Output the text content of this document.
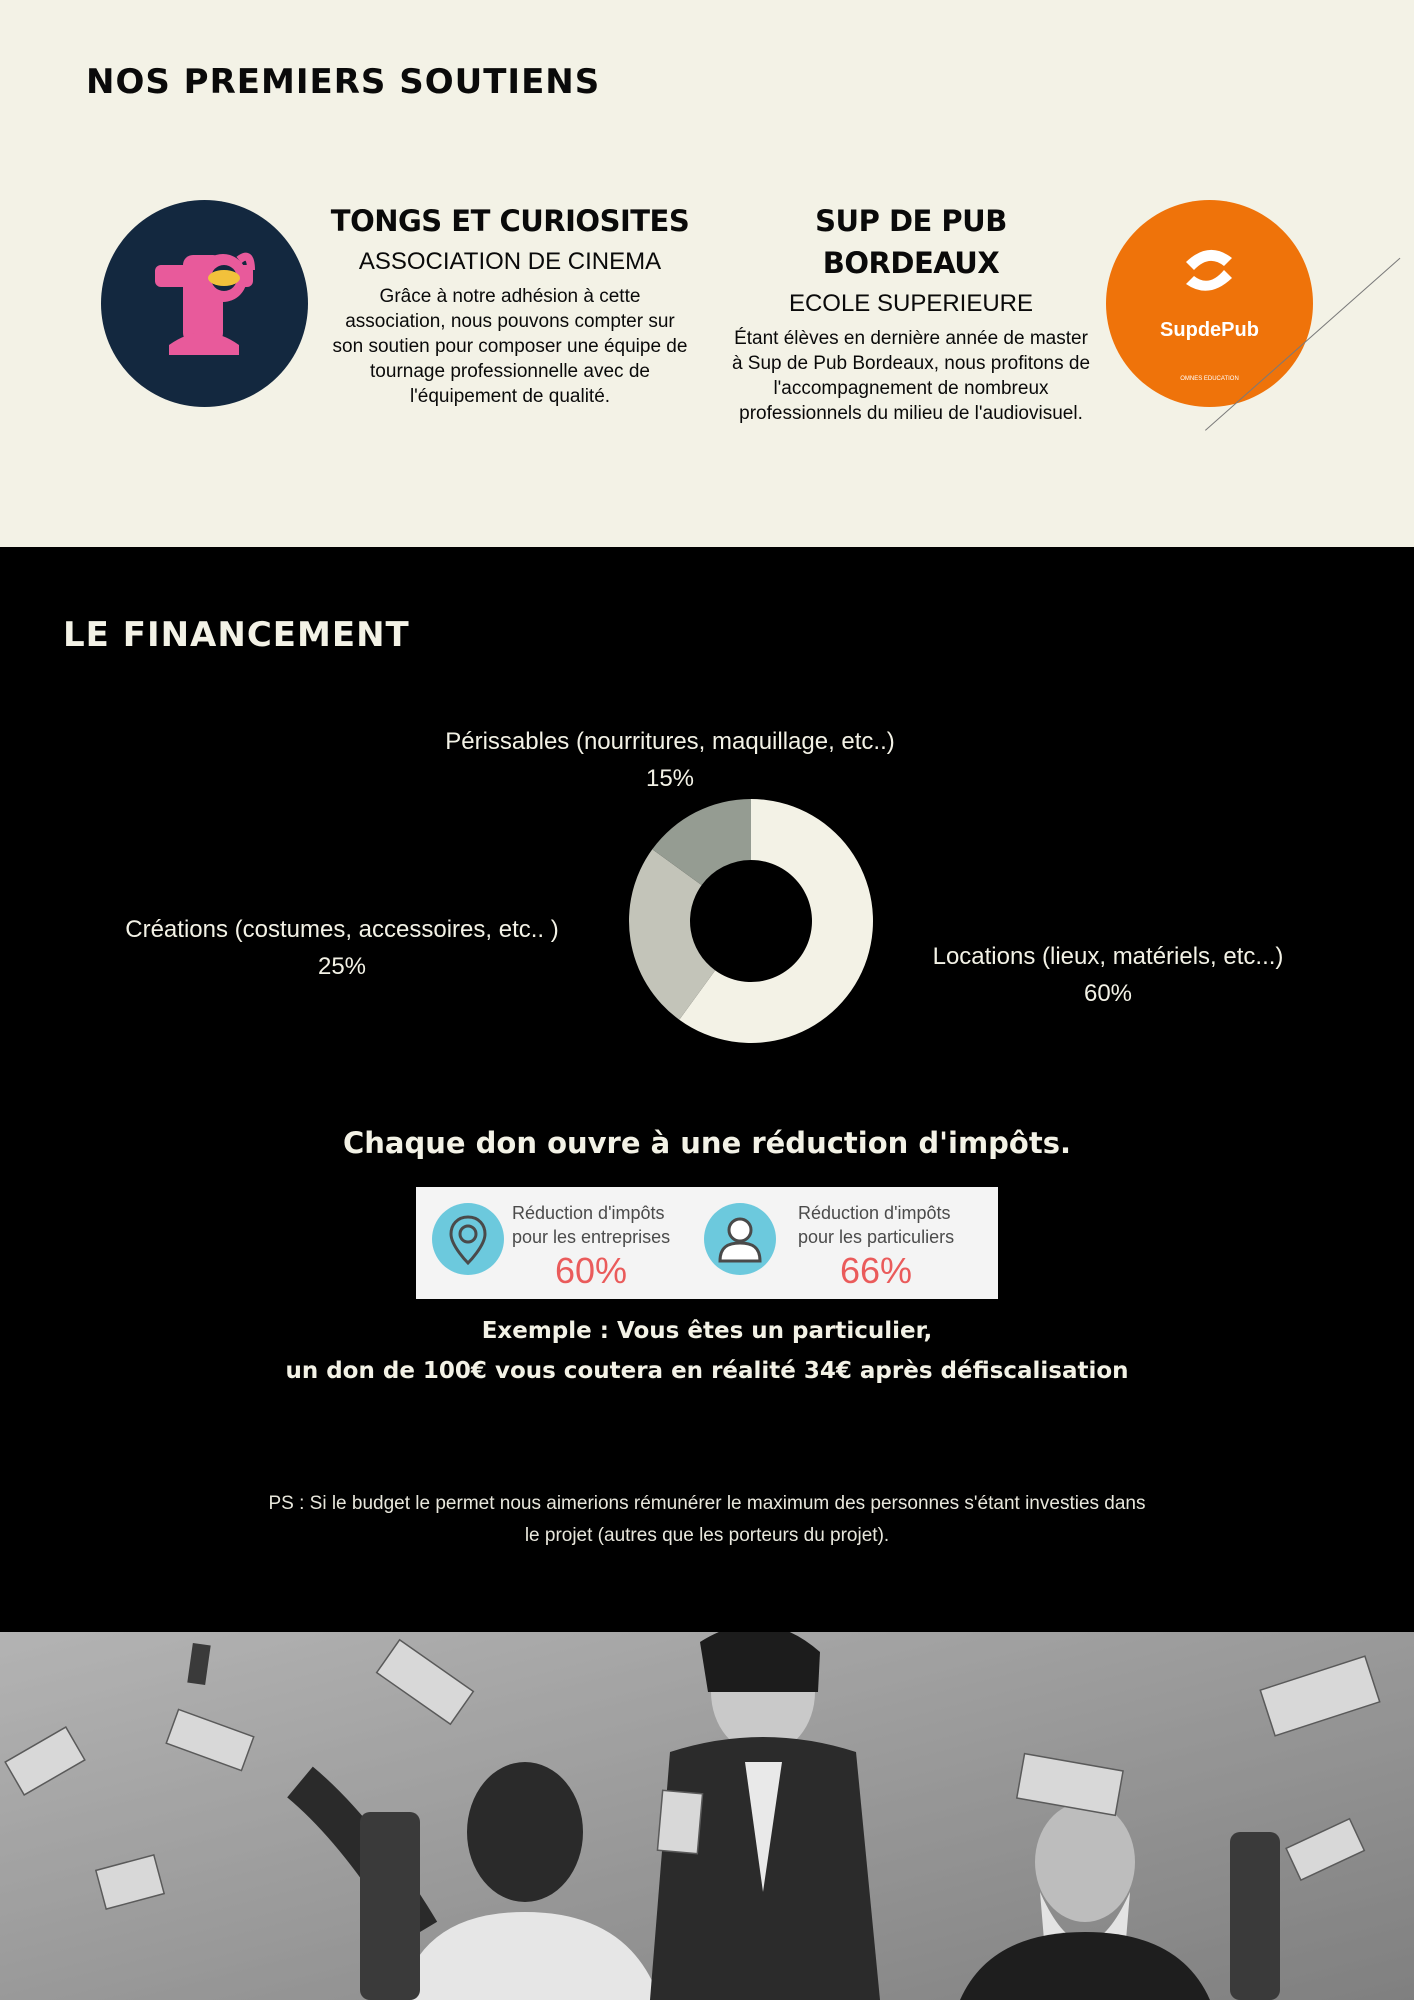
NOS PREMIERS SOUTIENS
TONGS ET CURIOSITES
ASSOCIATION DE CINEMA
Grâce à notre adhésion à cette association, nous pouvons compter sur son soutien pour composer une équipe de tournage professionnelle avec de l'équipement de qualité.
SUP DE PUB BORDEAUX
ECOLE SUPERIEURE
Étant élèves en dernière année de master à Sup de Pub Bordeaux, nous profitons de l'accompagnement de nombreux professionnels du milieu de l'audiovisuel.
SupdePub
OMNES EDUCATION
LE FINANCEMENT
Périssables (nourritures, maquillage, etc..)
15%
Créations (costumes, accessoires, etc.. )
25%	Locations (lieux, matériels, etc...)
60%
Chaque don ouvre à une réduction d'impôts.
Réduction d'impôts
pour les entreprises
60%
Réduction d'impôts
pour les particuliers
66%
Exemple : Vous êtes un particulier,
un don de 100€ vous coutera en réalité 34€ après défiscalisation
PS : Si le budget le permet nous aimerions rémunérer le maximum des personnes s'étant investies dans le projet (autres que les porteurs du projet).
